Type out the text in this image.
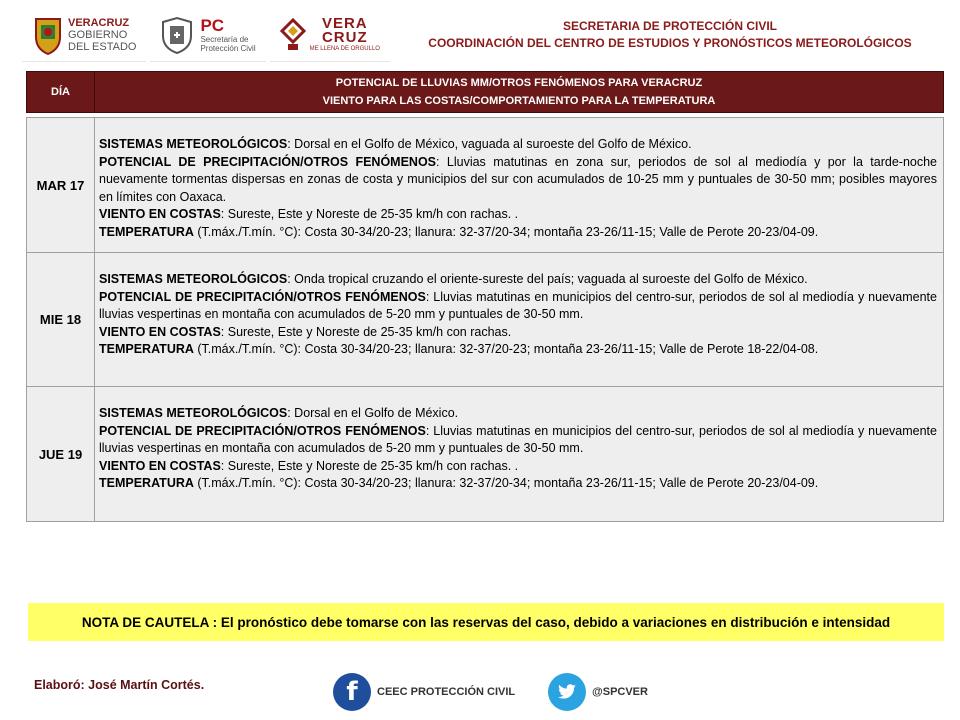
VERACRUZ
GOBIERNO
DEL ESTADO
PC
Secretaría de
Protección Civil
VERA
CRUZ
ME LLENA DE ORGULLO
SECRETARIA DE PROTECCIÓN CIVIL
COORDINACIÓN DEL CENTRO DE ESTUDIOS Y PRONÓSTICOS METEOROLÓGICOS
DÍA
POTENCIAL DE LLUVIAS MM/OTROS FENÓMENOS PARA VERACRUZ
VIENTO PARA LAS COSTAS/COMPORTAMIENTO PARA LA TEMPERATURA
MAR 17
SISTEMAS METEOROLÓGICOS: Dorsal en el Golfo de México, vaguada al suroeste del Golfo de México.
POTENCIAL DE PRECIPITACIÓN/OTROS FENÓMENOS: Lluvias matutinas en zona sur, periodos de sol al mediodía y por la tarde-noche nuevamente tormentas dispersas en zonas de costa y municipios del sur con acumulados de 10-25 mm y puntuales de 30-50 mm; posibles mayores en límites con Oaxaca.
VIENTO EN COSTAS: Sureste, Este y Noreste de 25-35 km/h con rachas. .
TEMPERATURA (T.máx./T.mín. °C): Costa 30-34/20-23; llanura: 32-37/20-34; montaña 23-26/11-15; Valle de Perote 20-23/04-09.
MIE 18
SISTEMAS METEOROLÓGICOS: Onda tropical cruzando el oriente-sureste del país; vaguada al suroeste del Golfo de México.
POTENCIAL DE PRECIPITACIÓN/OTROS FENÓMENOS: Lluvias matutinas en municipios del centro-sur, periodos de sol al mediodía y nuevamente lluvias vespertinas en montaña con acumulados de 5-20 mm y puntuales de 30-50 mm.
VIENTO EN COSTAS: Sureste, Este y Noreste de 25-35 km/h con rachas.
TEMPERATURA (T.máx./T.mín. °C): Costa 30-34/20-23; llanura: 32-37/20-23; montaña 23-26/11-15; Valle de Perote 18-22/04-08.
JUE 19
SISTEMAS METEOROLÓGICOS: Dorsal en el Golfo de México.
POTENCIAL DE PRECIPITACIÓN/OTROS FENÓMENOS: Lluvias matutinas en municipios del centro-sur, periodos de sol al mediodía y nuevamente lluvias vespertinas en montaña con acumulados de 5-20 mm y puntuales de 30-50 mm.
VIENTO EN COSTAS: Sureste, Este y Noreste de 25-35 km/h con rachas. .
TEMPERATURA (T.máx./T.mín. °C): Costa 30-34/20-23; llanura: 32-37/20-34; montaña 23-26/11-15; Valle de Perote 20-23/04-09.
NOTA DE CAUTELA : El pronóstico debe tomarse con las reservas del caso, debido a variaciones en distribución e intensidad
Elaboró: José Martín Cortés.	f	CEEC PROTECCIÓN CIVIL	@SPCVER
